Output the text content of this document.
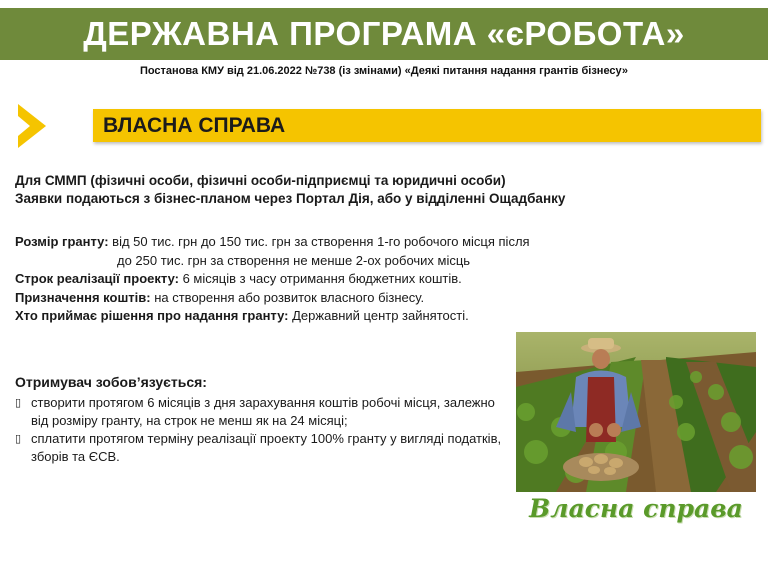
ДЕРЖАВНА ПРОГРАМА «єРОБОТА»
Постанова КМУ від 21.06.2022 №738 (із змінами) «Деякі питання надання грантів бізнесу»
ВЛАСНА СПРАВА
Для СММП (фізичні особи, фізичні особи-підприємці та юридичні особи)
Заявки подаються з бізнес-планом через Портал Дія, або у відділенні Ощадбанку
Розмір гранту: від 50 тис. грн до 150 тис. грн за створення 1-го робочого місця після
до 250 тис. грн за створення не менше 2-ох робочих місць
Строк реалізації проекту: 6 місяців з часу отримання бюджетних коштів.
Призначення коштів: на створення або розвиток власного бізнесу.
Хто приймає рішення про надання гранту: Державний центр зайнятості.
Отримувач зобов’язується:
▯ створити протягом 6 місяців з дня зарахування коштів робочі місця, залежно від розміру гранту, на строк не менш як на 24 місяці;
▯ сплатити протягом терміну реалізації проекту 100% гранту у вигляді податків, зборів та ЄСВ.
Власна справа
